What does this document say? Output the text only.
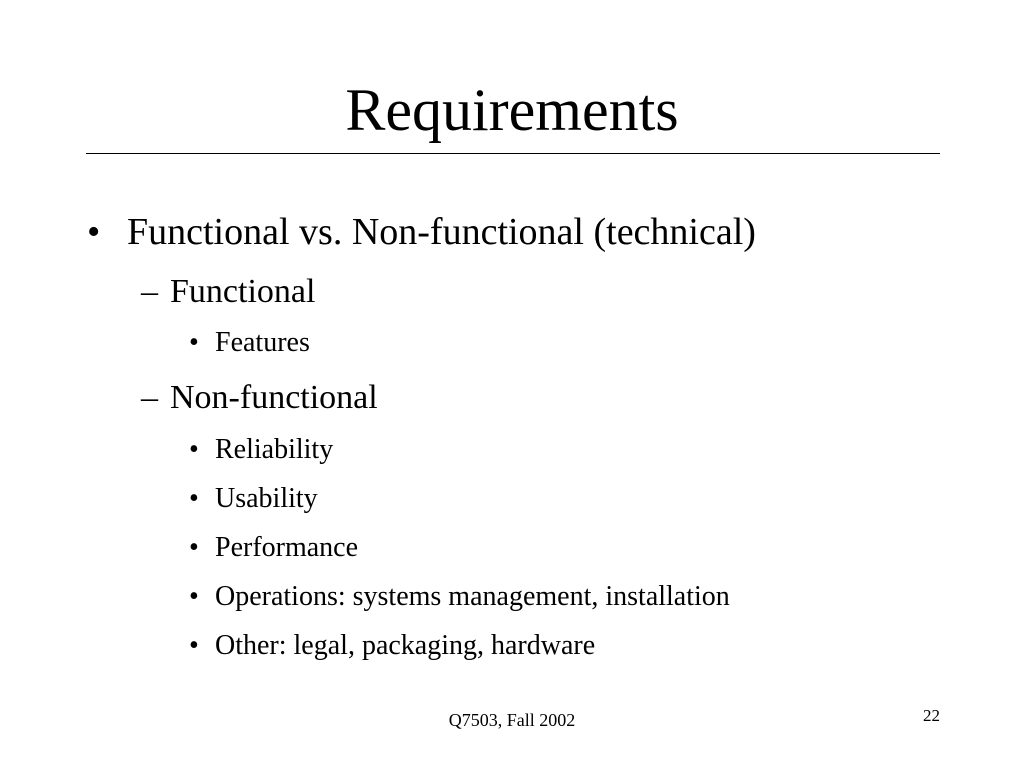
Requirements
• Functional vs. Non-functional (technical)
– Functional
• Features
– Non-functional
• Reliability
• Usability
• Performance
• Operations: systems management, installation
• Other: legal, packaging, hardware
Q7503, Fall 2002	22
